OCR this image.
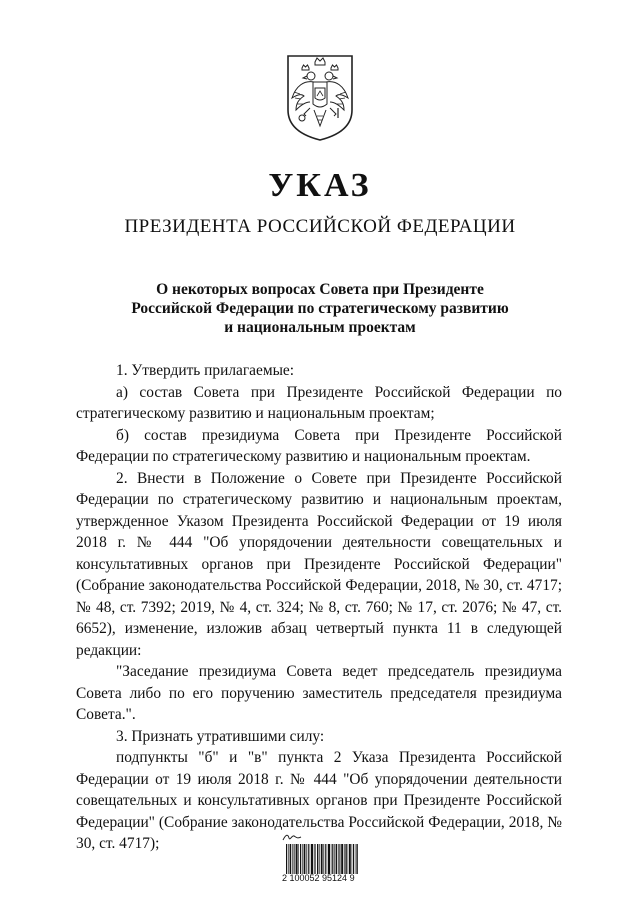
УКАЗ
ПРЕЗИДЕНТА РОССИЙСКОЙ ФЕДЕРАЦИИ
О некоторых вопросах Совета при Президенте
Российской Федерации по стратегическому развитию
и национальным проектам

1. Утвердить прилагаемые:

а) состав Совета при Президенте Российской Федерации по стратегическому развитию и национальным проектам;

б) состав президиума Совета при Президенте Российской Федерации по стратегическому развитию и национальным проектам.

2. Внести в Положение о Совете при Президенте Российской Федерации по стратегическому развитию и национальным проектам, утвержденное Указом Президента Российской Федерации от 19 июля 2018 г. № 444 "Об упорядочении деятельности совещательных и консультативных органов при Президенте Российской Федерации" (Собрание законодательства Российской Федерации, 2018, № 30, ст. 4717; № 48, ст. 7392; 2019, № 4, ст. 324; № 8, ст. 760; № 17, ст. 2076; № 47, ст. 6652), изменение, изложив абзац четвертый пункта 11 в следующей редакции:

"Заседание президиума Совета ведет председатель президиума Совета либо по его поручению заместитель председателя президиума Совета.".

3. Признать утратившими силу:

подпункты "б" и "в" пункта 2 Указа Президента Российской Федерации от 19 июля 2018 г. № 444 "Об упорядочении деятельности совещательных и консультативных органов при Президенте Российской Федерации" (Собрание законодательства Российской Федерации, 2018, № 30, ст. 4717);

2 100052 95124 9
